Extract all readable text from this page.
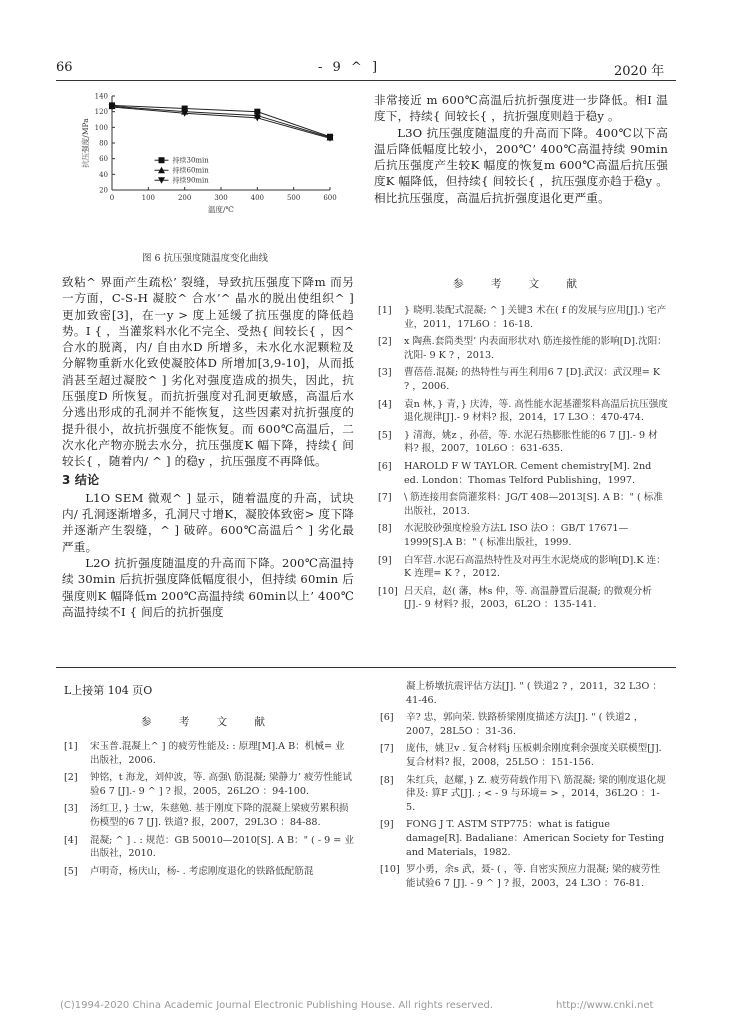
66	- 9 ^ ]	2020 年
0	100	200	300	400	500	600
20
40
60
80
100
120
140
温度/℃
抗压强度/MPa	持续30min
持续60min
持续90min
图 6 抗压强度随温度变化曲线

致粘^ 界面产生疏松’ 裂缝，导致抗压强度下降m 而另一方面，C-S-H 凝胶^ 合水’^ 晶水的脱出使组织^ ] 更加致密[3]，在一y > 度上延缓了抗压强度的降低趋势。I { ，当灌浆料水化不完全、受热{ 间较长{ ，因^ 合水的脱离，内/ 自由水D 所增多，未水化水泥颗粒及分解物重新水化致使凝胶体D 所增加[3,9-10]，从而抵消甚至超过凝胶^ ] 劣化对强度造成的损失，因此，抗压强度D 所恢复。而抗折强度对孔洞更敏感，高温后水分逃出形成的孔洞并不能恢复，这些因素对抗折强度的提升很小，故抗折强度不能恢复。而 600℃高温后，二次水化产物亦脱去水分，抗压强度K 幅下降，持续{ 间较长{ ，随着内/ ^ ] 的稳y ，抗压强度不再降低。

3 结论

L1O SEM 微观^ ] 显示，随着温度的升高，试块内/ 孔洞逐渐增多，孔洞尺寸增K，凝胶体致密> 度下降并逐渐产生裂缝，^ ] 破碎。600℃高温后^ ] 劣化最严重。

L2O 抗折强度随温度的升高而下降。200℃高温持续 30min 后抗折强度降低幅度很小，但持续 60min 后强度则K 幅降低m 200℃高温持续 60min以上’ 400℃高温持续不I { 间后的抗折强度

非常接近 m 600℃高温后抗折强度进一步降低。相I 温度下，持续{ 间较长{ ，抗折强度则趋于稳y 。

L3O 抗压强度随温度的升高而下降。400℃以下高温后降低幅度比较小，200℃’ 400℃高温持续 90min 后抗压强度产生较K 幅度的恢复m 600℃高温后抗压强度K 幅降低，但持续{ 间较长{ ，抗压强度亦趋于稳y 。相比抗压强度，高温后抗折强度退化更严重。

参 考 文 献
[1]	} 晓明.装配式混凝; ^ ] 关键3 术在( f 的发展与应用[J].) 宅产业，2011，17L6O ：16-18.
[2]	x 陶燕.套筒类型’ 内表面形状对\ 筋连接性能的影响[D].沈阳：沈阳- 9 K ? ，2013.
[3]	曹蓓蓓.混凝; 的热特性与再生利用6 7 [D].武汉：武汉理= K ? ，2006.
[4]	袁n 林，} 青，} 庆涛，等. 高性能水泥基灌浆料高温后抗压强度退化规律[J].- 9 材料? 报，2014，17 L3O ：470-474.
[5]	} 清海，姚z ，孙蓓，等. 水泥石热膨胀性能的6 7 [J].- 9 材料? 报，2007，10L6O ：631-635.
[6]	HAROLD F W TAYLOR. Cement chemistry[M]. 2nd ed. London：Thomas Telford Publishing，1997.
[7]	\ 筋连接用套筒灌浆料：JG/T 408—2013[S]. A B：" ( 标准出版社，2013.
[8]	水泥胶砂强度检验方法L ISO 法O ：GB/T 17671—1999[S].A B：" ( 标准出版社，1999.
[9]	白军营.水泥石高温热特性及对再生水泥烧成的影响[D].K 连：K 连理= K ? ，2012.
[10] 吕天启，赵( 藩，林s 仲，等. 高温静置后混凝; 的微观分析[J].- 9 材料? 报，2003，6L2O ：135-141.
L上接第 104 页O
参 考 文 献
[1]	宋玉普.混凝上^ ] 的疲劳性能及: : 原理[M].A B：机械= 业出版社，2006.
[2]	钟铭，t 海龙，刘仲波，等. 高强\ 筋混凝; 梁静力’ 疲劳性能试验6 7 [J].- 9 ^ ] ? 报，2005，26L2O ：94-100.
[3]	汤红卫，} 士w，朱慈勉. 基于刚度下降的混凝上梁疲劳累积损伤模型的6 7 [J]. 铁道? 报，2007，29L3O ：84-88.
[4]	混凝; ^ ] . : 规范：GB 50010—2010[S]. A B：" ( - 9 = 业出版社，2010.
[5]	卢明奇，杨庆山，杨- . 考虑刚度退化的铁路低配筋混
凝上桥墩抗震评估方法[J]. " ( 铁道2 ? ，2011，32 L3O ：41-46.
[6]	辛? 忠，郭向荣. 铁路桥梁刚度描述方法[J]. " ( 铁道2 ，2007，28L5O ：31-36.
[7]	庞伟，姚卫v . 复合材料j 压板刺余刚度剩余强度关联模型[J]. 复合材料? 报，2008，25L5O ：151-156.
[8]	朱红兵，赵耀，} Z. 疲劳荷载作用下\ 筋混凝; 梁的刚度退化规律及: 算F 式[J]. ; < - 9 与环境= > ，2014，36L2O ：1-5.
[9]	FONG J T. ASTM STP775：what is fatigue damage[R]. Badaliane：American Society for Testing and Materials，1982.
[10] 罗小勇，余s 武，聂- ( ，等. 自密实预应力混凝; 梁的疲劳性能试验6 7 [J]. - 9 ^ ] ? 报，2003，24 L3O ：76-81.
(C)1994-2020 China Academic Journal Electronic Publishing House. All rights reserved.	http://www.cnki.net
